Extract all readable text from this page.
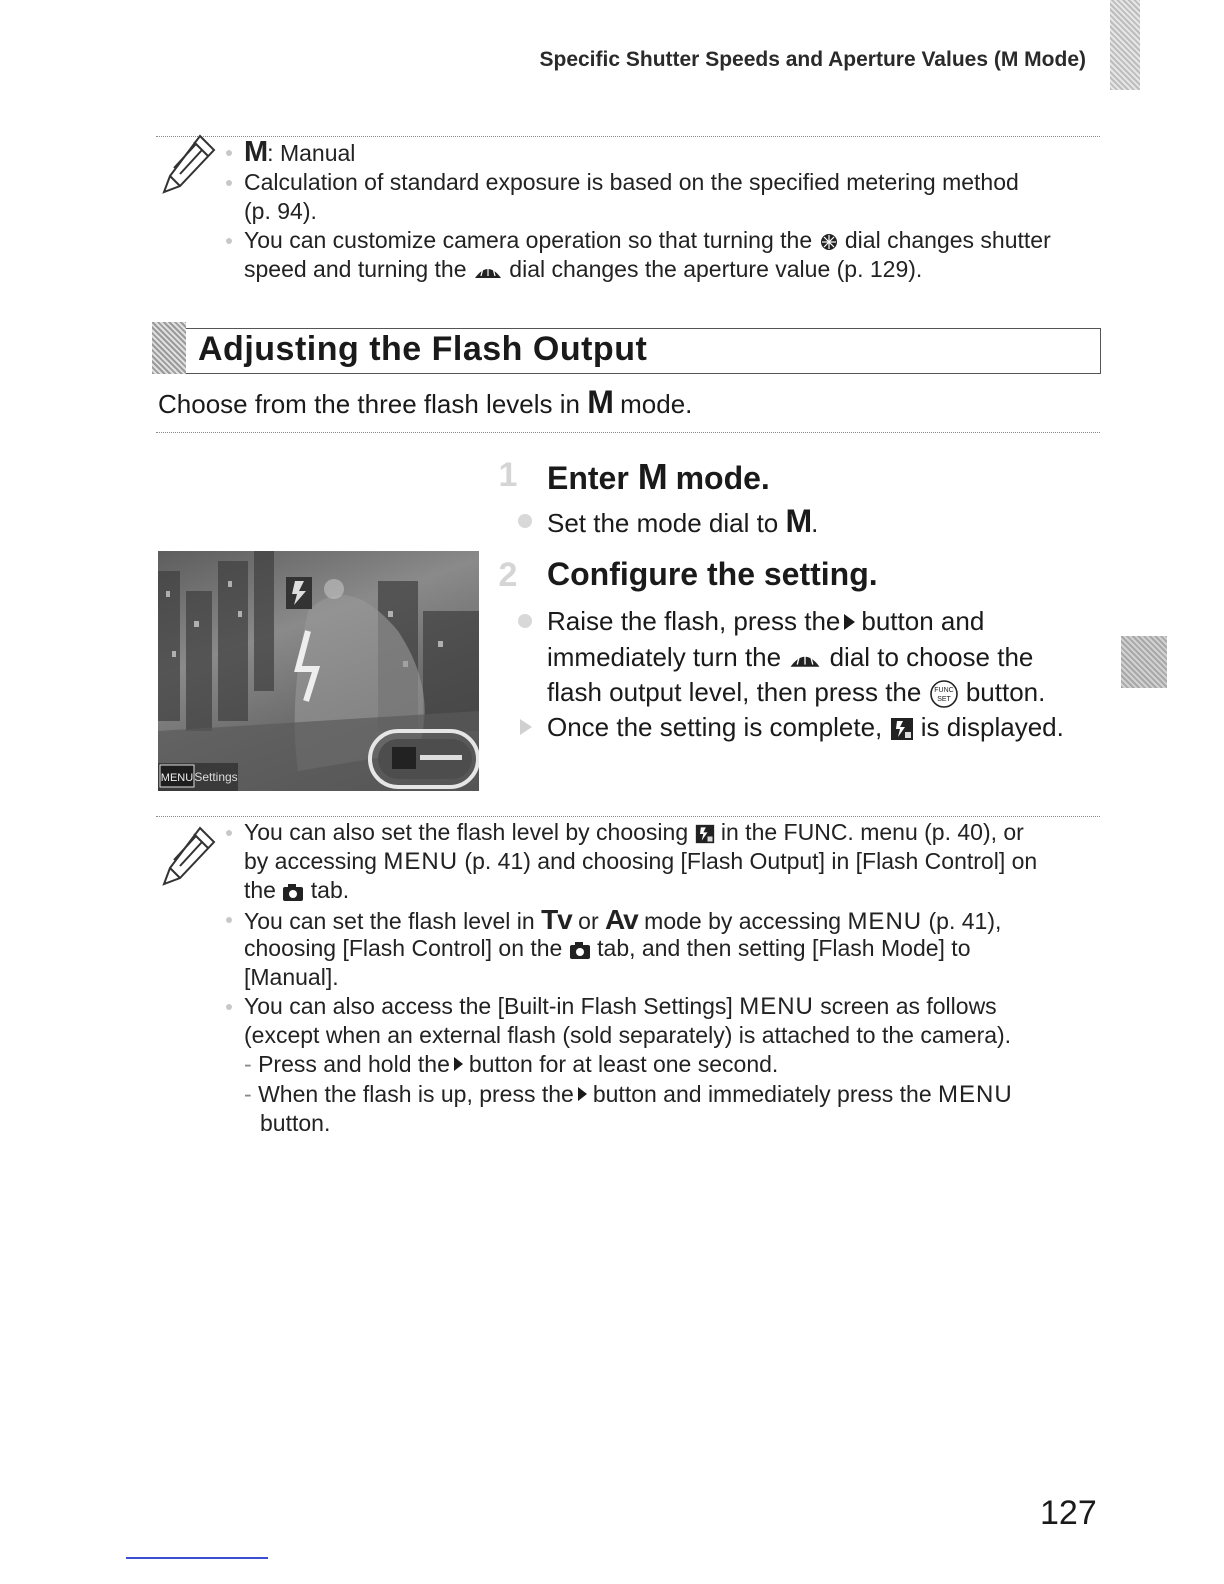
Specific Shutter Speeds and Aperture Values (M Mode)
M: Manual
Calculation of standard exposure is based on the specified metering method
(p. 94).
You can customize camera operation so that turning the dial changes shutter
speed and turning the dial changes the aperture value (p. 129).
Adjusting the Flash Output
Choose from the three flash levels in M mode.
1 Enter M mode.
Set the mode dial to M.
2 Configure the setting.
Raise the flash, press the button and
immediately turn the dial to choose the
flash output level, then press the FUNC
SET button.
Once the setting is complete, is displayed.
MENU Settings
You can also set the flash level by choosing in the FUNC. menu (p. 40), or
by accessing MENU (p. 41) and choosing [Flash Output] in [Flash Control] on
the tab.
You can set the flash level in Tv or Av mode by accessing MENU (p. 41),
choosing [Flash Control] on the tab, and then setting [Flash Mode] to
[Manual].
You can also access the [Built-in Flash Settings] MENU screen as follows
(except when an external flash (sold separately) is attached to the camera).
- Press and hold the button for at least one second.
- When the flash is up, press the button and immediately press the MENU
button.
127
